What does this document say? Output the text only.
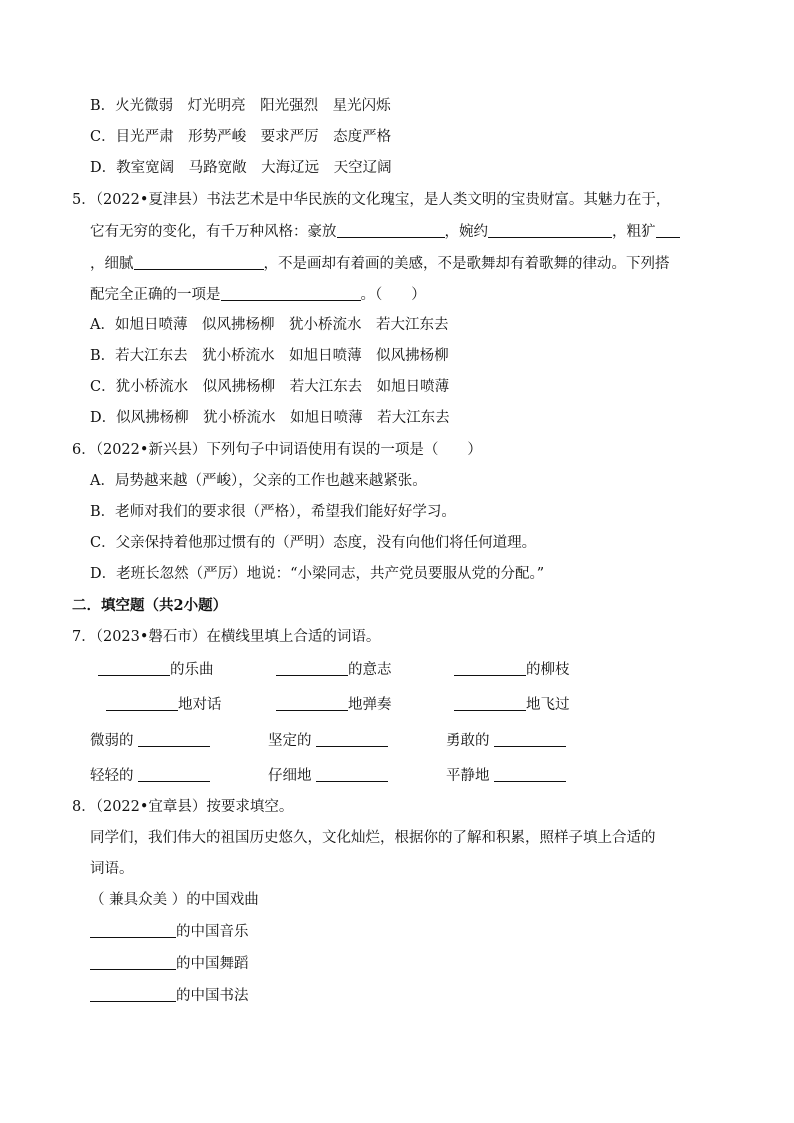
B．火光微弱　灯光明亮　阳光强烈　星光闪烁
C．目光严肃　形势严峻　要求严厉　态度严格
D．教室宽阔　马路宽敞　大海辽远　天空辽阔
5．（2022•夏津县）书法艺术是中华民族的文化瑰宝，是人类文明的宝贵财富。其魅力在于，
它有无穷的变化，有千万种风格：豪放	，婉约	，粗犷
，细腻	，不是画却有着画的美感，不是歌舞却有着歌舞的律动。下列搭
配完全正确的一项是	。（　　）
A．如旭日喷薄　似风拂杨柳　犹小桥流水　若大江东去
B．若大江东去　犹小桥流水　如旭日喷薄　似风拂杨柳
C．犹小桥流水　似风拂杨柳　若大江东去　如旭日喷薄
D．似风拂杨柳　犹小桥流水　如旭日喷薄　若大江东去
6．（2022•新兴县）下列句子中词语使用有误的一项是（　　）
A．局势越来越（严峻），父亲的工作也越来越紧张。
B．老师对我们的要求很（严格），希望我们能好好学习。
C．父亲保持着他那过惯有的（严明）态度，没有向他们将任何道理。
D．老班长忽然（严厉）地说：“小梁同志，共产党员要服从党的分配。”
二．填空题（共2小题）
7．（2023•磐石市）在横线里填上合适的词语。
的乐曲	的意志	的柳枝
地对话	地弹奏	地飞过
微弱的	坚定的	勇敢的
轻轻的	仔细地	平静地
8．（2022•宜章县）按要求填空。
同学们，我们伟大的祖国历史悠久，文化灿烂，根据你的了解和积累，照样子填上合适的
词语。
（ 兼具众美 ）的中国戏曲
的中国音乐
的中国舞蹈
的中国书法
